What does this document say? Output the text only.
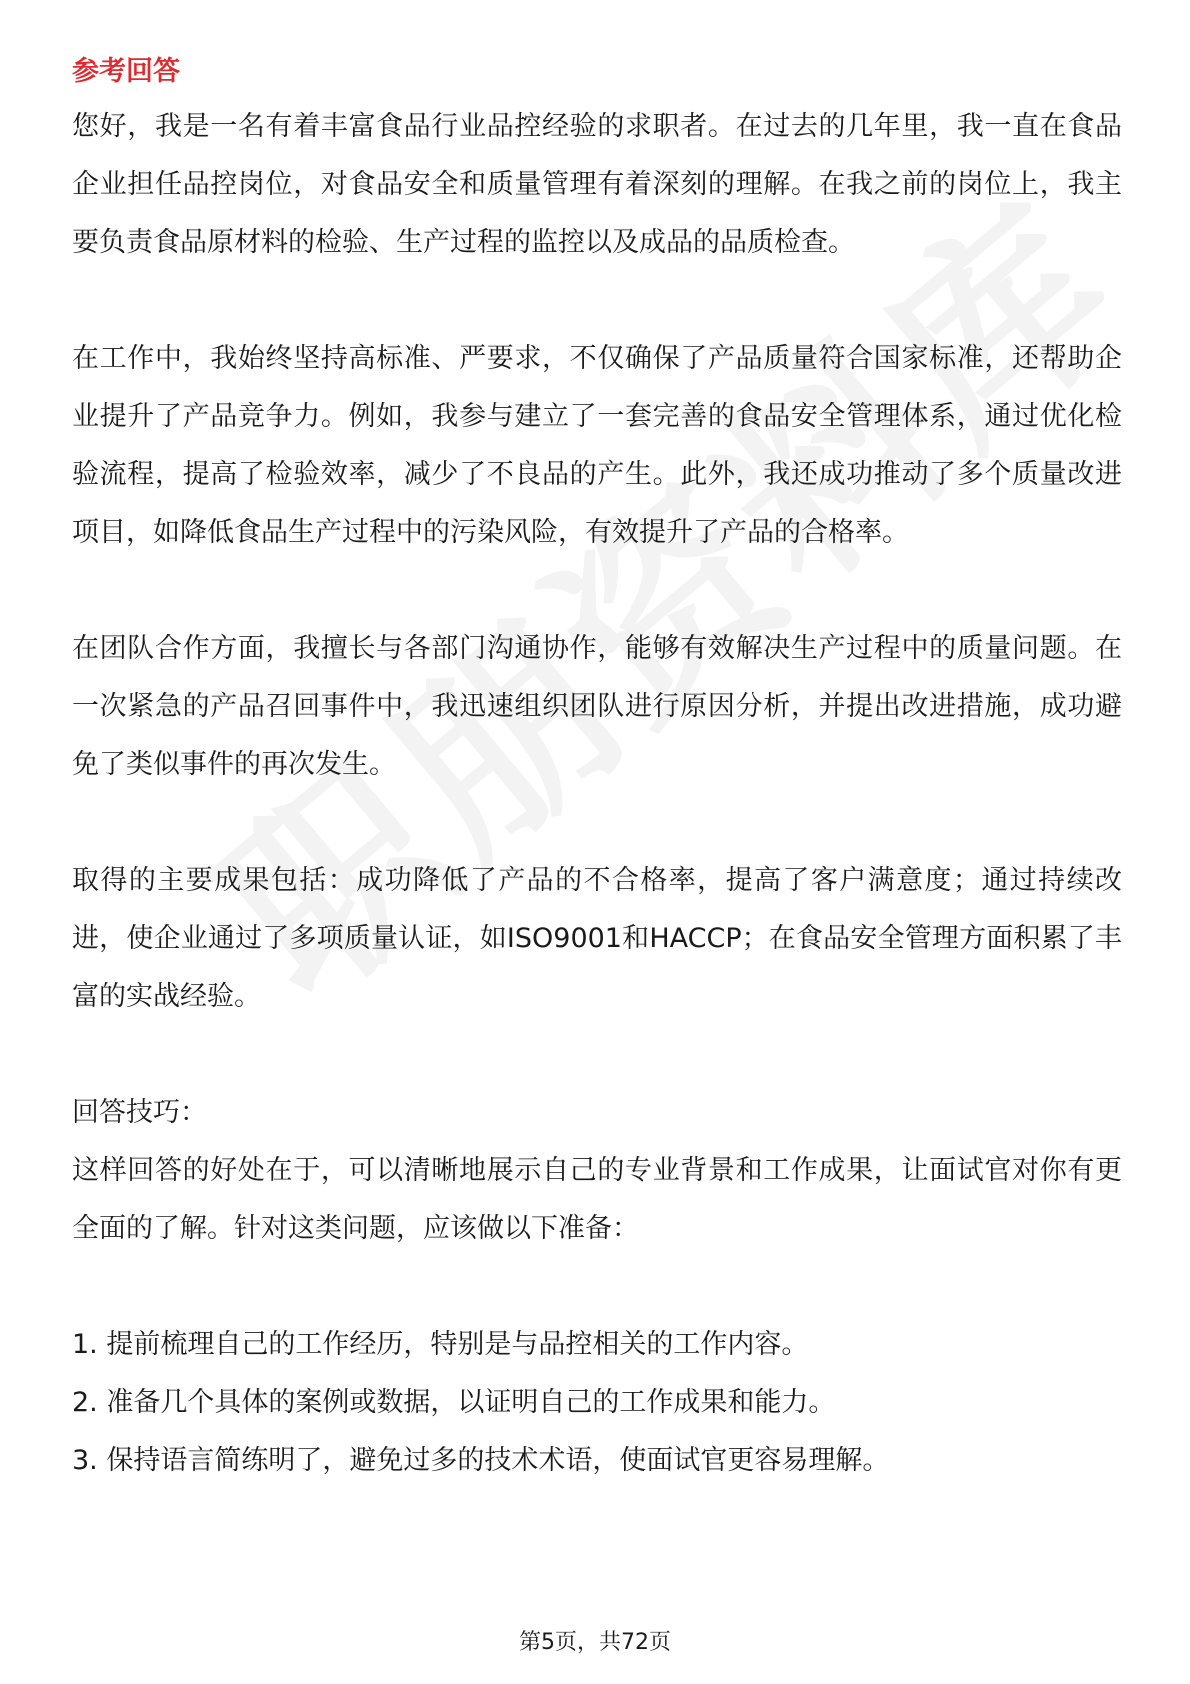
参考回答

您好，我是一名有着丰富食品行业品控经验的求职者。在过去的几年里，我一直在食品企业担任品控岗位，对食品安全和质量管理有着深刻的理解。在我之前的岗位上，我主要负责食品原材料的检验、生产过程的监控以及成品的品质检查。

在工作中，我始终坚持高标准、严要求，不仅确保了产品质量符合国家标准，还帮助企业提升了产品竞争力。例如，我参与建立了一套完善的食品安全管理体系，通过优化检验流程，提高了检验效率，减少了不良品的产生。此外，我还成功推动了多个质量改进项目，如降低食品生产过程中的污染风险，有效提升了产品的合格率。

在团队合作方面，我擅长与各部门沟通协作，能够有效解决生产过程中的质量问题。在一次紧急的产品召回事件中，我迅速组织团队进行原因分析，并提出改进措施，成功避免了类似事件的再次发生。

取得的主要成果包括：成功降低了产品的不合格率，提高了客户满意度；通过持续改进，使企业通过了多项质量认证，如ISO9001和HACCP；在食品安全管理方面积累了丰富的实战经验。

回答技巧：

这样回答的好处在于，可以清晰地展示自己的专业背景和工作成果，让面试官对你有更全面的了解。针对这类问题，应该做以下准备：

1. 提前梳理自己的工作经历，特别是与品控相关的工作内容。

2. 准备几个具体的案例或数据，以证明自己的工作成果和能力。

3. 保持语言简练明了，避免过多的技术术语，使面试官更容易理解。

第5页，共72页
